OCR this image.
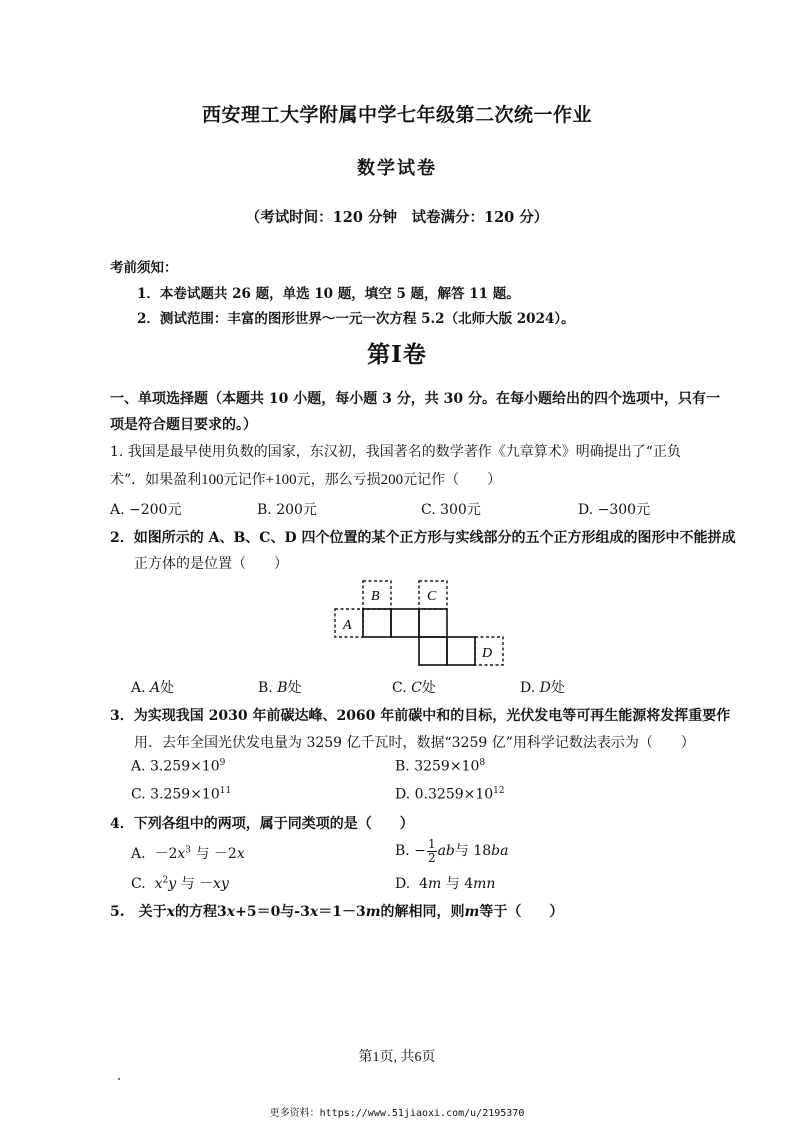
西安理工大学附属中学七年级第二次统一作业
数学试卷
（考试时间：120 分钟　试卷满分：120 分）
考前须知：
1．本卷试题共 26 题，单选 10 题，填空 5 题，解答 11 题。
2．测试范围：丰富的图形世界～一元一次方程 5.2（北师大版 2024）。
第Ⅰ卷
一、单项选择题（本题共 10 小题，每小题 3 分，共 30 分。在每小题给出的四个选项中，只有一
项是符合题目要求的。）
1. 我国是最早使用负数的国家，东汉初，我国著名的数学著作《九章算术》明确提出了“正负
术”．如果盈利100元记作+100元，那么亏损200元记作（　　）
A. −200元	B. 200元	C. 300元	D. −300元
2．如图所示的 A、B、C、D 四个位置的某个正方形与实线部分的五个正方形组成的图形中不能拼成
正方体的是位置（　　）
A
B	C
D
A. A处	B. B处	C. C处	D. D处
3．为实现我国 2030 年前碳达峰、2060 年前碳中和的目标，光伏发电等可再生能源将发挥重要作
用．去年全国光伏发电量为 3259 亿千瓦时，数据“3259 亿”用科学记数法表示为（　　）
A. $3.259\times 10^9$	B. $3259\times 10^8$
C. $3.259\times 10^{11}$	D. $0.3259\times 10^{12}$
4．下列各组中的两项，属于同类项的是（　　）
A. $-2x^3$ 与 －2x	B. − $\frac{1}{2}$ ab与 18ba
C. $x^2y$ 与 －xy	D. 4m 与 4mn
5.　关于x的方程3x+5＝0与-3x＝1－3m的解相同，则m等于（　　）
第1页, 共6页
更多资料：https://www.51jiaoxi.com/u/2195370
